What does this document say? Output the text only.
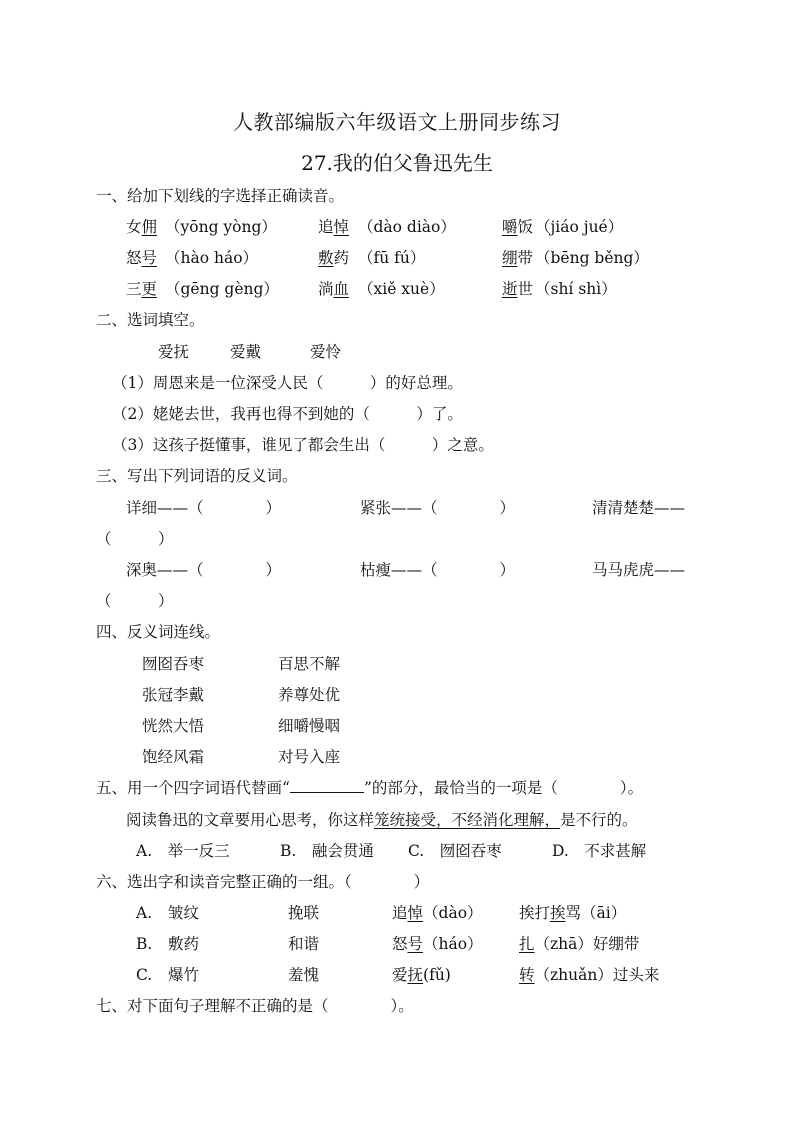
人教部编版六年级语文上册同步练习
27.我的伯父鲁迅先生
一、给加下划线的字选择正确读音。
女佣 （yōng yòng）	追悼 （dào diào）	嚼饭 （jiáo jué）
怒号 （hào háo）	敷药 （fū fú）	绷带 （bēng běng）
三更 （gēng gèng）	淌血 （xiě xuè）	逝世 （shí shì）
二、选词填空。
爱抚	爱戴	爱怜
（1）周恩来是一位深受人民（　　　）的好总理。
（2）姥姥去世，我再也得不到她的（　　　）了。
（3）这孩子挺懂事，谁见了都会生出（　　　）之意。
三、写出下列词语的反义词。
详细——（　　　　）	紧张——（　　　　）	清清楚楚——
（　　　）
深奥——（　　　　）	枯瘦——（　　　　）	马马虎虎——
（　　　）
四、反义词连线。
囫囵吞枣	百思不解
张冠李戴	养尊处优
恍然大悟	细嚼慢咽
饱经风霜	对号入座
五、用一个四字词语代替画“	”的部分，最恰当的一项是（　　　　）。
阅读鲁迅的文章要用心思考，你这样笼统接受，不经消化理解，是不行的。
A.　举一反三	B.　融会贯通 C.　囫囵吞枣	D.　不求甚解
六、选出字和读音完整正确的一组。（　　　　）
A. 皱纹	挽联	追悼（dào） 挨打挨骂（āi）
B. 敷药	和谐	怒号（háo） 扎（zhā）好绷带
C. 爆竹	羞愧	爱抚(fǔ)	转（zhuǎn）过头来
七、对下面句子理解不正确的是（　　　　）。
